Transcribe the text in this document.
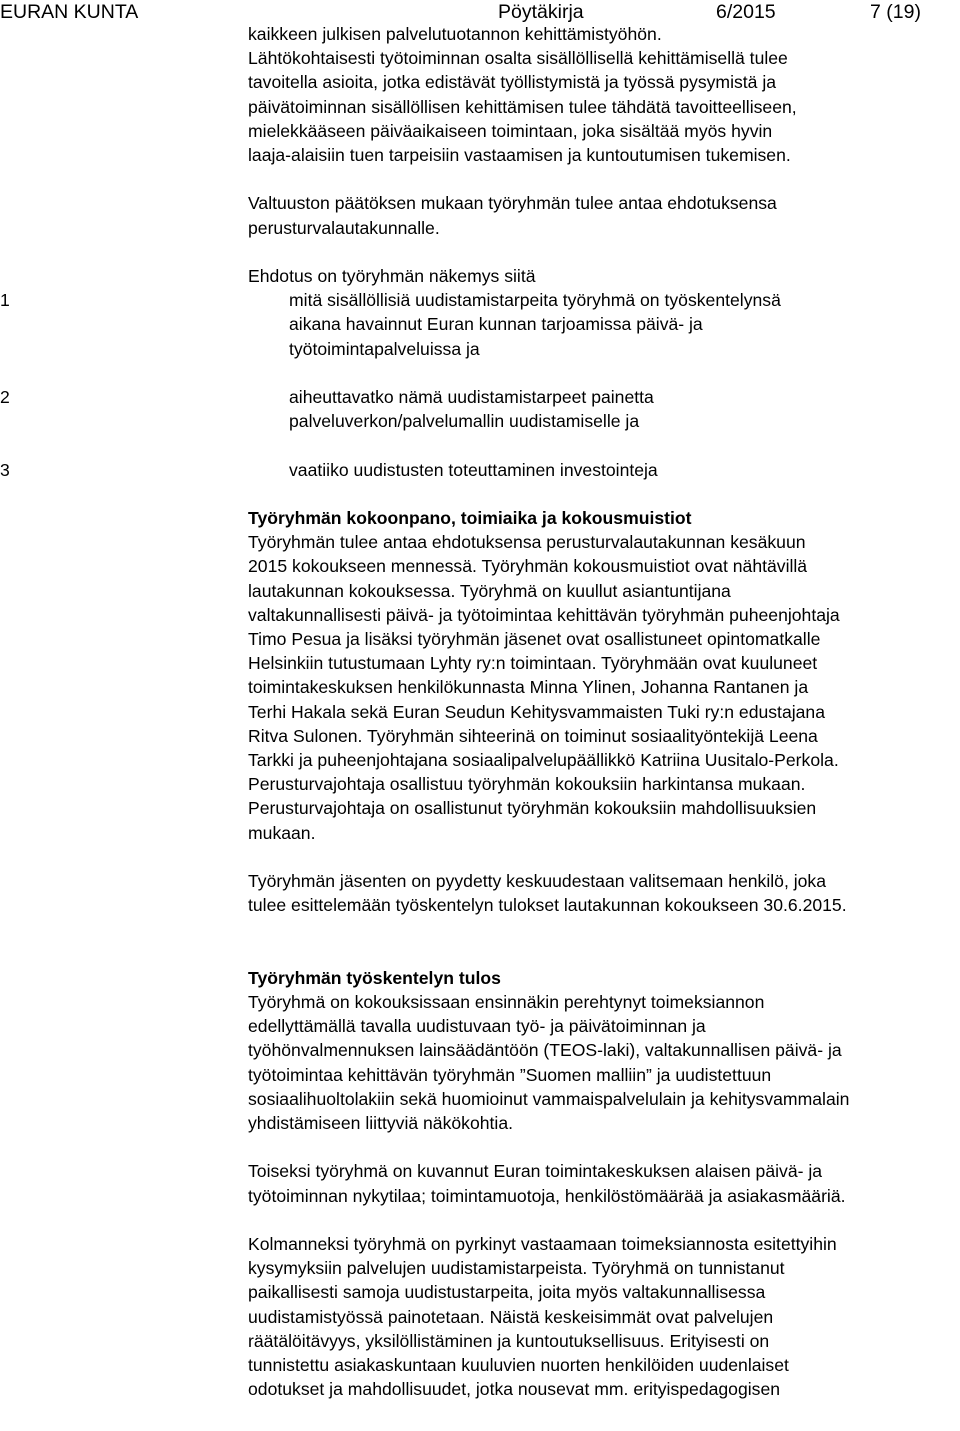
EURAN KUNTA	Pöytäkirja	6/2015	7 (19)

kaikkeen julkisen palvelutuotannon kehittämistyöhön.

Lähtökohtaisesti työtoiminnan osalta sisällöllisellä kehittämisellä tulee

tavoitella asioita, jotka edistävät työllistymistä ja työssä pysymistä ja

päivätoiminnan sisällöllisen kehittämisen tulee tähdätä tavoitteelliseen,

mielekkääseen päiväaikaiseen toimintaan, joka sisältää myös hyvin

laaja-alaisiin tuen tarpeisiin vastaamisen ja kuntoutumisen tukemisen.

Valtuuston päätöksen mukaan työryhmän tulee antaa ehdotuksensa

perusturvalautakunnalle.

Ehdotus on työryhmän näkemys siitä

1	mitä sisällöllisiä uudistamistarpeita työryhmä on työskentelynsä

aikana havainnut Euran kunnan tarjoamissa päivä- ja

työtoimintapalveluissa ja

2	aiheuttavatko nämä uudistamistarpeet painetta

palveluverkon/palvelumallin uudistamiselle ja

3	vaatiiko uudistusten toteuttaminen investointeja

Työryhmän kokoonpano, toimiaika ja kokousmuistiot

Työryhmän tulee antaa ehdotuksensa perusturvalautakunnan kesäkuun

2015 kokoukseen mennessä. Työryhmän kokousmuistiot ovat nähtävillä

lautakunnan kokouksessa. Työryhmä on kuullut asiantuntijana

valtakunnallisesti päivä- ja työtoimintaa kehittävän työryhmän puheenjohtaja

Timo Pesua ja lisäksi työryhmän jäsenet ovat osallistuneet opintomatkalle

Helsinkiin tutustumaan Lyhty ry:n toimintaan. Työryhmään ovat kuuluneet

toimintakeskuksen henkilökunnasta Minna Ylinen, Johanna Rantanen ja

Terhi Hakala sekä Euran Seudun Kehitysvammaisten Tuki ry:n edustajana

Ritva Sulonen. Työryhmän sihteerinä on toiminut sosiaalityöntekijä Leena

Tarkki ja puheenjohtajana sosiaalipalvelupäällikkö Katriina Uusitalo-Perkola.

Perusturvajohtaja osallistuu työryhmän kokouksiin harkintansa mukaan.

Perusturvajohtaja on osallistunut työryhmän kokouksiin mahdollisuuksien

mukaan.

Työryhmän jäsenten on pyydetty keskuudestaan valitsemaan henkilö, joka

tulee esittelemään työskentelyn tulokset lautakunnan kokoukseen 30.6.2015.

Työryhmän työskentelyn tulos

Työryhmä on kokouksissaan ensinnäkin perehtynyt toimeksiannon

edellyttämällä tavalla uudistuvaan työ- ja päivätoiminnan ja

työhönvalmennuksen lainsäädäntöön (TEOS-laki), valtakunnallisen päivä- ja

työtoimintaa kehittävän työryhmän ”Suomen malliin” ja uudistettuun

sosiaalihuoltolakiin sekä huomioinut vammaispalvelulain ja kehitysvammalain

yhdistämiseen liittyviä näkökohtia.

Toiseksi työryhmä on kuvannut Euran toimintakeskuksen alaisen päivä- ja

työtoiminnan nykytilaa; toimintamuotoja, henkilöstömäärää ja asiakasmääriä.

Kolmanneksi työryhmä on pyrkinyt vastaamaan toimeksiannosta esitettyihin

kysymyksiin palvelujen uudistamistarpeista. Työryhmä on tunnistanut

paikallisesti samoja uudistustarpeita, joita myös valtakunnallisessa

uudistamistyössä painotetaan. Näistä keskeisimmät ovat palvelujen

räätälöitävyys, yksilöllistäminen ja kuntoutuksellisuus. Erityisesti on

tunnistettu asiakaskuntaan kuuluvien nuorten henkilöiden uudenlaiset

odotukset ja mahdollisuudet, jotka nousevat mm. erityispedagogisen
